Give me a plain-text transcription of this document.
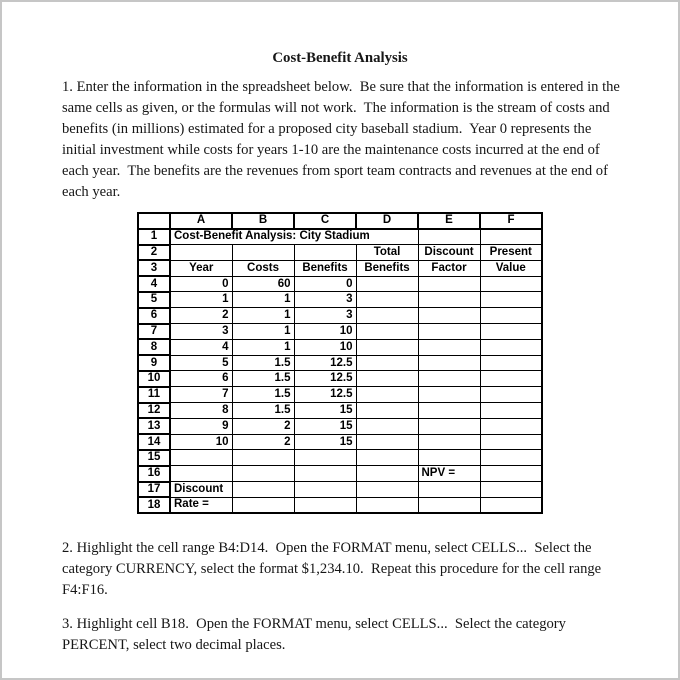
Cost-Benefit Analysis

1. Enter the information in the spreadsheet below.  Be sure that the information is entered in the same cells as given, or the formulas will not work.  The information is the stream of costs and benefits (in millions) estimated for a proposed city baseball stadium.  Year 0 represents the initial investment while costs for years 1-10 are the maintenance costs incurred at the end of each year.  The benefits are the revenues from sport team contracts and revenues at the end of each year.

	A	B	C	D	E	F
1	Cost-Benefit Analysis: City Stadium					
2				Total	Discount	Present
3	Year	Costs	Benefits	Benefits	Factor	Value
4	0	60	0			
5	1	1	3			
6	2	1	3			
7	3	1	10			
8	4	1	10			
9	5	1.5	12.5			
10	6	1.5	12.5			
11	7	1.5	12.5			
12	8	1.5	15			
13	9	2	15			
14	10	2	15			
15						
16					NPV =	
17	Discount					
18	Rate =					

2. Highlight the cell range B4:D14.  Open the FORMAT menu, select CELLS...  Select the category CURRENCY, select the format $1,234.10.  Repeat this procedure for the cell range F4:F16.

3. Highlight cell B18.  Open the FORMAT menu, select CELLS...  Select the category PERCENT, select two decimal places.
